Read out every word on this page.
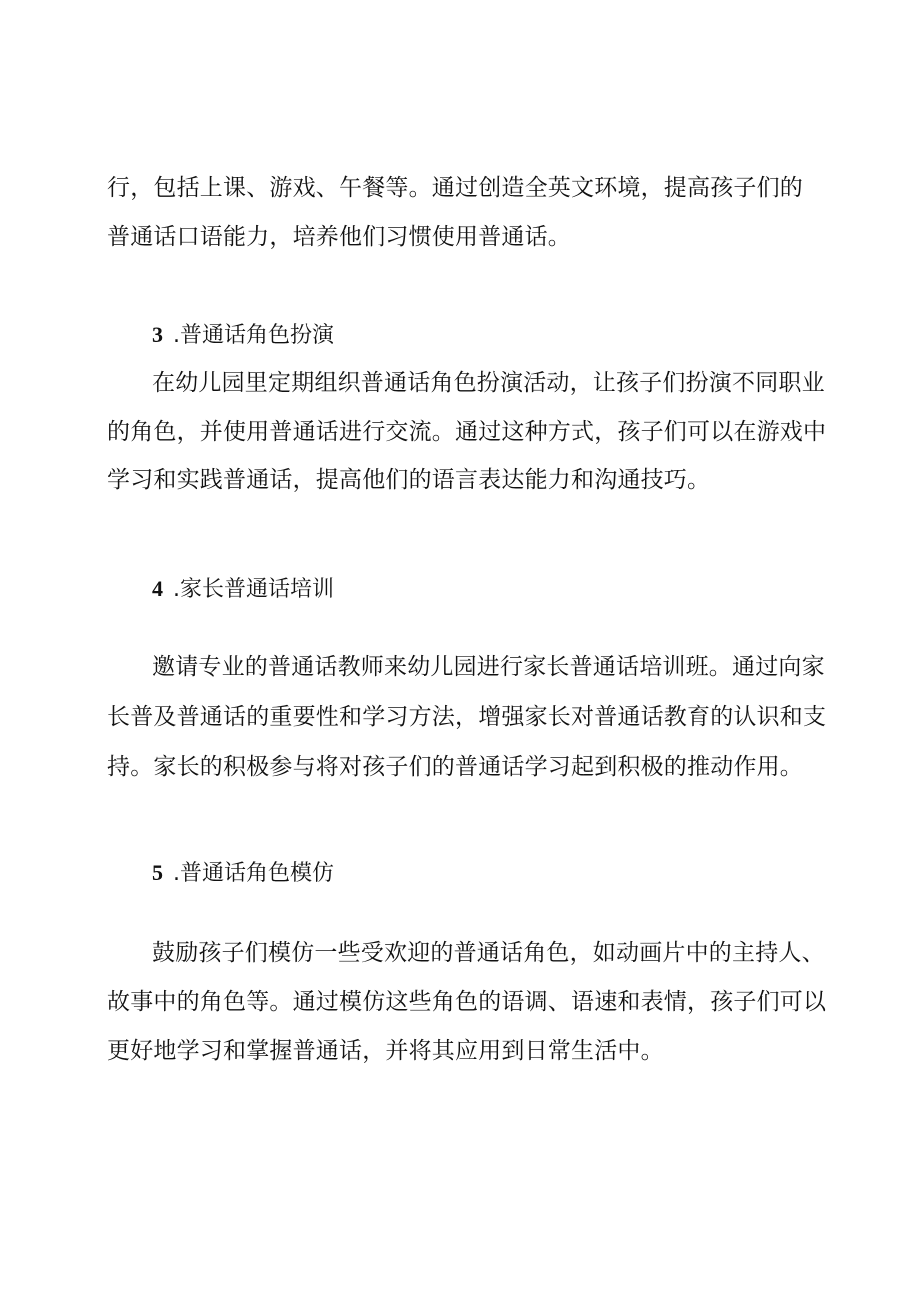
行，包括上课、游戏、午餐等。通过创造全英文环境，提高孩子们的
普通话口语能力，培养他们习惯使用普通话。
3 .普通话角色扮演
在幼儿园里定期组织普通话角色扮演活动，让孩子们扮演不同职业
的角色，并使用普通话进行交流。通过这种方式，孩子们可以在游戏中
学习和实践普通话，提高他们的语言表达能力和沟通技巧。
4 .家长普通话培训
邀请专业的普通话教师来幼儿园进行家长普通话培训班。通过向家
长普及普通话的重要性和学习方法，增强家长对普通话教育的认识和支
持。家长的积极参与将对孩子们的普通话学习起到积极的推动作用。
5 .普通话角色模仿
鼓励孩子们模仿一些受欢迎的普通话角色，如动画片中的主持人、
故事中的角色等。通过模仿这些角色的语调、语速和表情，孩子们可以
更好地学习和掌握普通话，并将其应用到日常生活中。
